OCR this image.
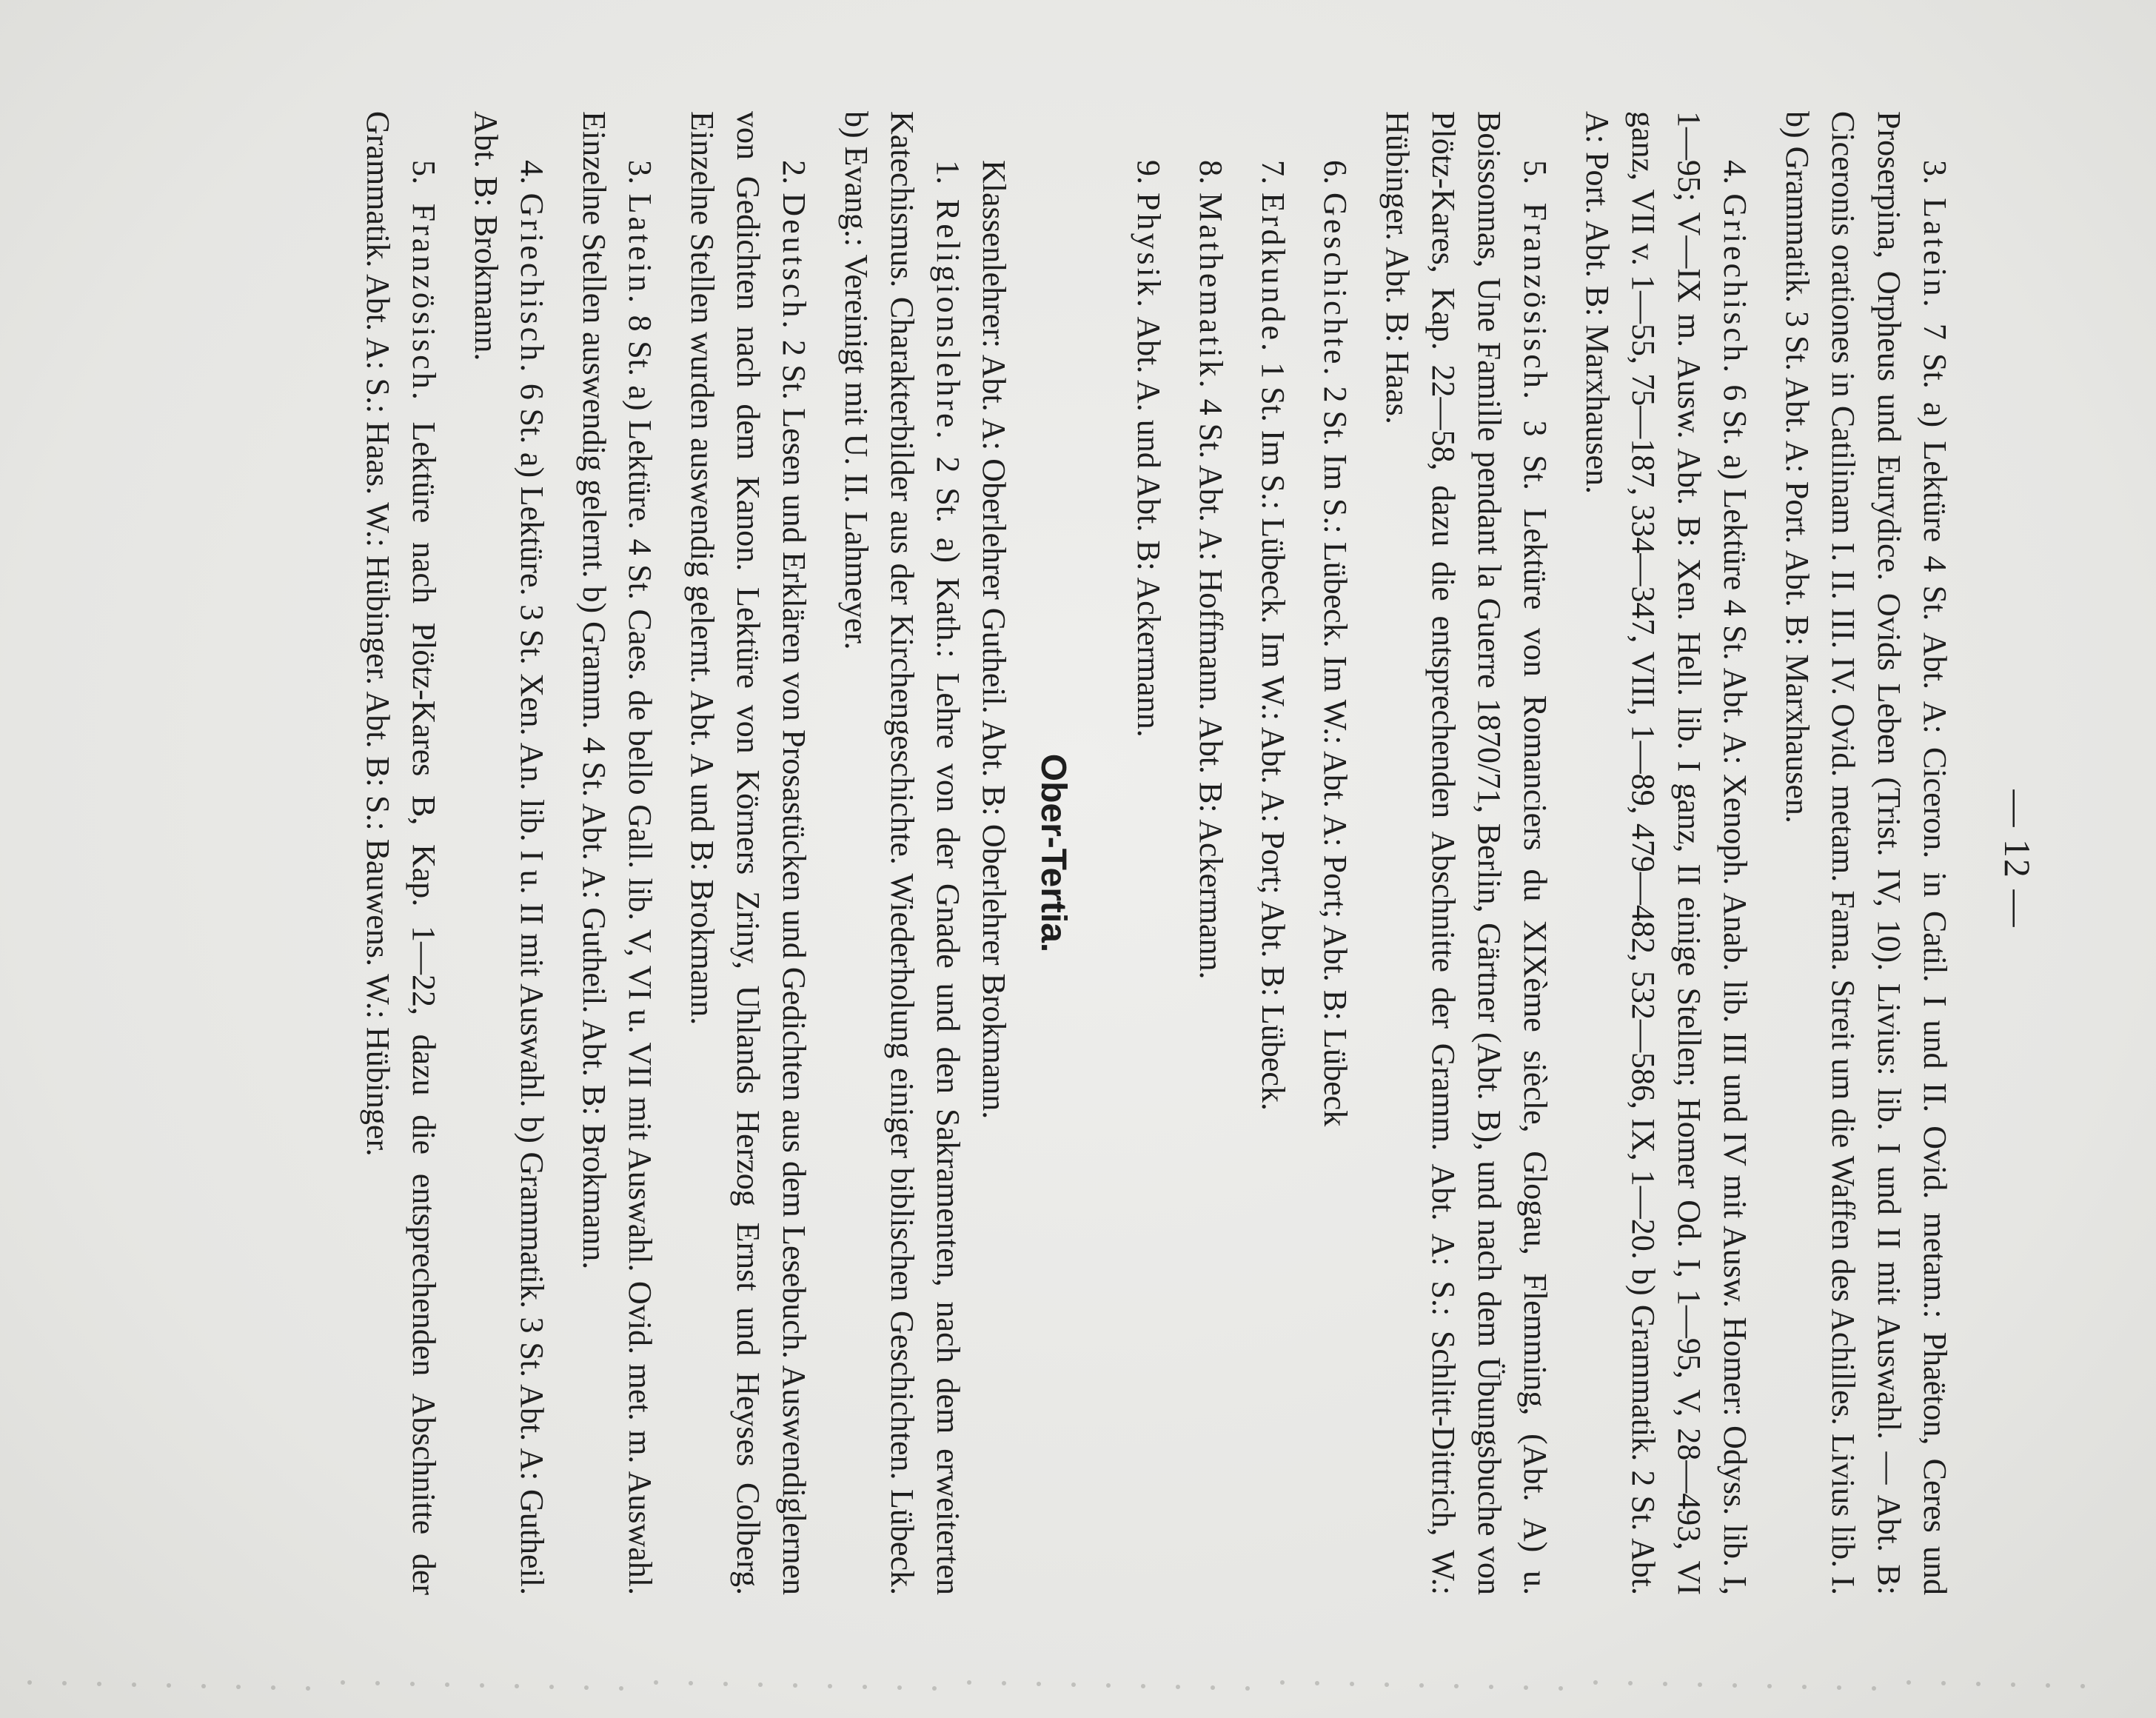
— 12 —

3. Latein. 7 St. a) Lektüre 4 St. Abt. A: Ciceron. in Catil. I und II. Ovid. metam.: Phaëton, Ceres und Proserpina, Orpheus und Eurydice. Ovids Leben (Trist. IV, 10). Livius: lib. I und II mit Auswahl. — Abt. B: Ciceronis orationes in Catilinam I. II. III. IV. Ovid. metam. Fama. Streit um die Waffen des Achilles. Livius lib. I. b) Grammatik. 3 St. Abt. A: Port. Abt. B: Marxhausen.

4. Griechisch. 6 St. a) Lektüre 4 St. Abt. A: Xenoph. Anab. lib. III und IV mit Ausw. Homer: Odyss. lib. I, 1—95; V—IX m. Ausw. Abt. B: Xen. Hell. lib. I ganz, II einige Stellen; Homer Od. I, 1—95, V, 28—493, VI ganz, VII v. 1—55, 75—187, 334—347, VIII, 1—89, 479—482, 532—586, IX, 1—20. b) Grammatik. 2 St. Abt. A: Port. Abt. B: Marxhausen.

5. Französisch. 3 St. Lektüre von Romanciers du XIXème siècle, Glogau, Flemming, (Abt. A) u. Boissonnas, Une Famille pendant la Guerre 1870/71, Berlin, Gärtner (Abt. B), und nach dem Übungsbuche von Plötz-Kares, Kap. 22—58, dazu die entsprechenden Abschnitte der Gramm. Abt. A: S.: Schlitt-Dittrich, W.: Hübinger. Abt. B: Haas.

6. Geschichte. 2 St. Im S.: Lübeck. Im W.: Abt. A: Port; Abt. B: Lübeck

7. Erdkunde. 1 St. Im S.: Lübeck. Im W.: Abt. A: Port; Abt. B: Lübeck.

8. Mathematik. 4 St. Abt. A: Hoffmann. Abt. B: Ackermann.

9. Physik. Abt. A. und Abt. B: Ackermann.

Ober-Tertia.

Klassenlehrer: Abt. A: Oberlehrer Gutheil. Abt. B: Oberlehrer Brokmann.

1. Religionslehre. 2 St. a) Kath.: Lehre von der Gnade und den Sakramenten, nach dem erweiterten Katechismus. Charakterbilder aus der Kirchengeschichte. Wiederholung einiger biblischen Geschichten. Lübeck. b) Evang.: Vereinigt mit U. II. Lahmeyer.

2. Deutsch. 2 St. Lesen und Erklären von Prosastücken und Gedichten aus dem Lesebuch. Auswendiglernen von Gedichten nach dem Kanon. Lektüre von Körners Zriny, Uhlands Herzog Ernst und Heyses Colberg. Einzelne Stellen wurden auswendig gelernt. Abt. A und B: Brokmann.

3. Latein. 8 St. a) Lektüre. 4 St. Caes. de bello Gall. lib. V, VI u. VII mit Auswahl. Ovid. met. m. Auswahl. Einzelne Stellen auswendig gelernt. b) Gramm. 4 St. Abt. A: Gutheil. Abt. B: Brokmann.

4. Griechisch. 6 St. a) Lektüre. 3 St. Xen. An. lib. I u. II mit Auswahl. b) Grammatik. 3 St. Abt. A: Gutheil. Abt. B: Brokmann.

5. Französisch. Lektüre nach Plötz-Kares B, Kap. 1—22, dazu die entsprechenden Abschnitte der Grammatik. Abt. A: S.: Haas. W.: Hübinger. Abt. B: S.: Bauwens. W.: Hübinger.
